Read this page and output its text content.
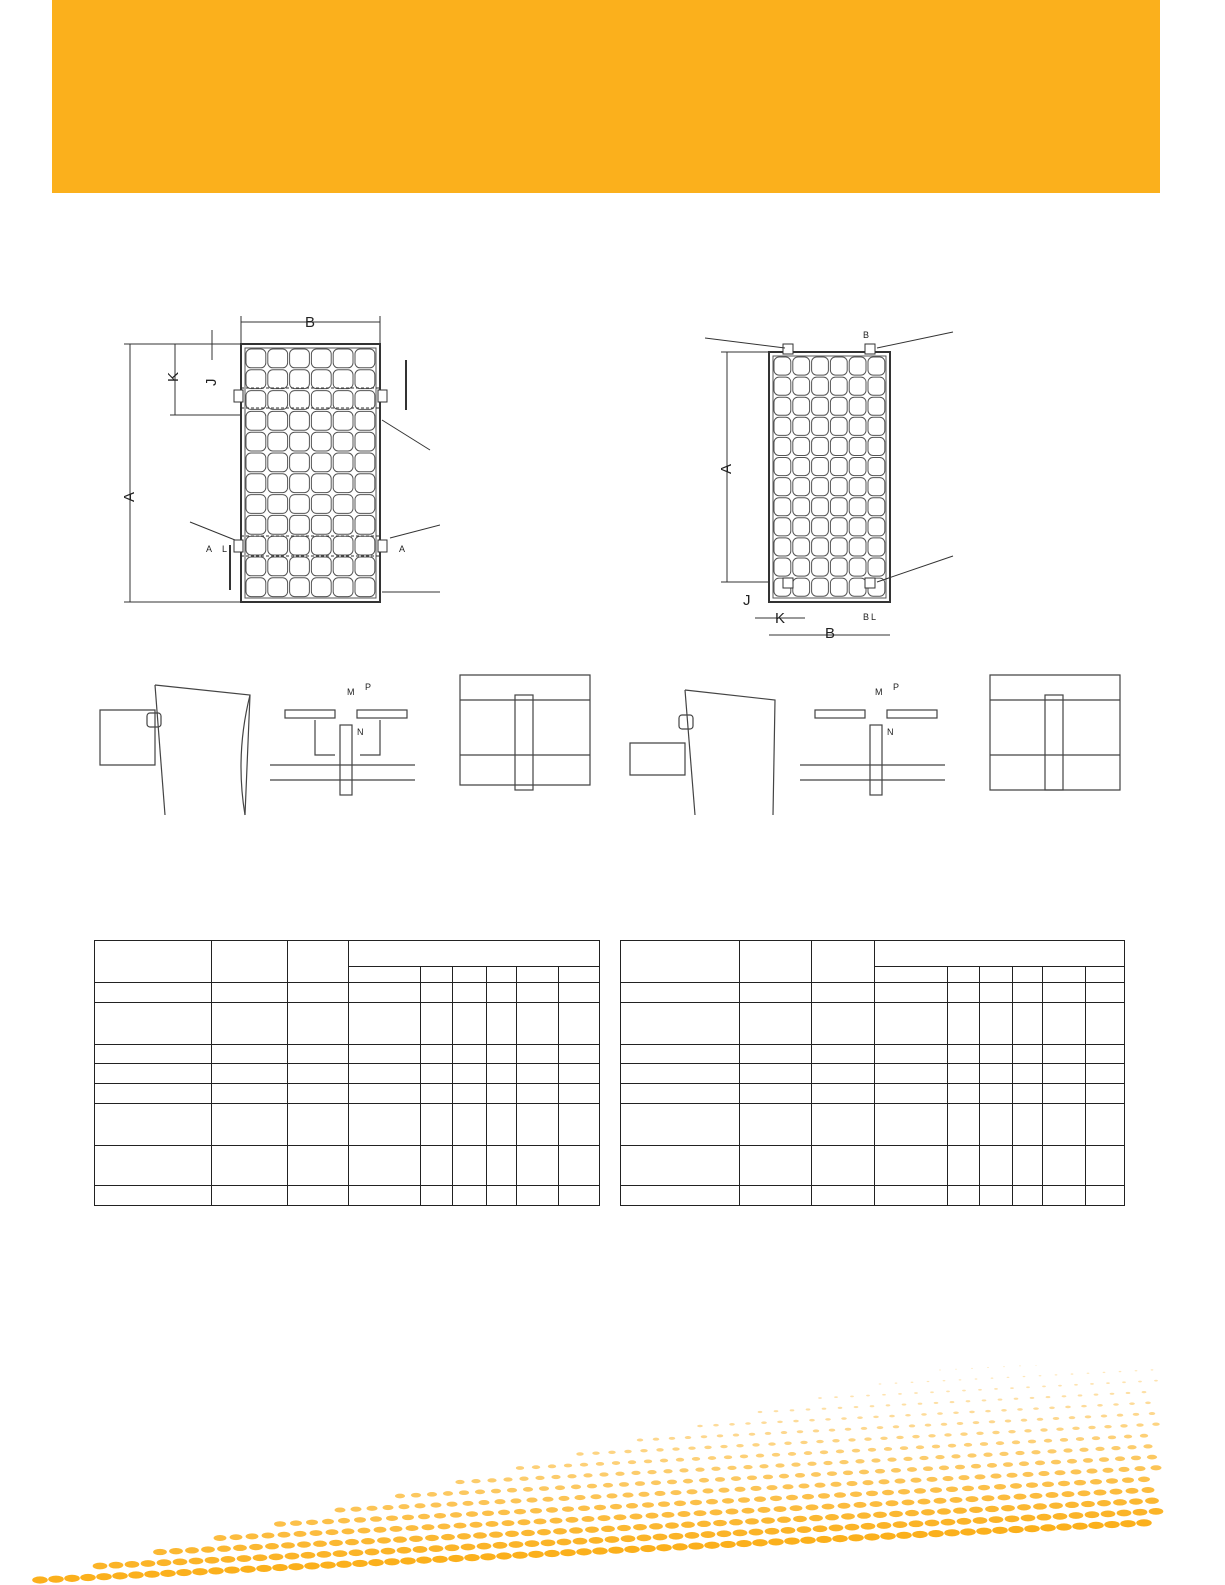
B
A
K
J
A	A
L
A
B
K
J
B
B L
M P
N
M P
N
